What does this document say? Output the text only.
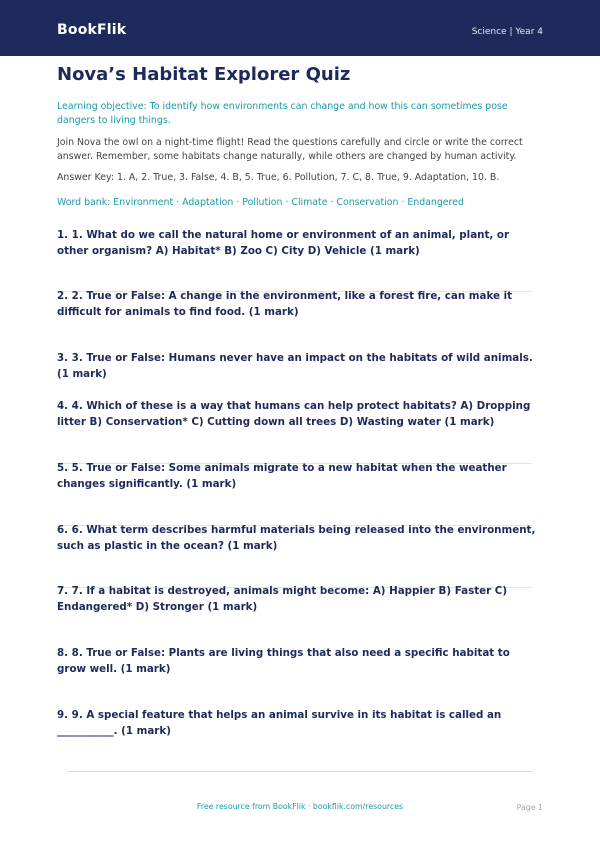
BookFlik	Science | Year 4
Nova’s Habitat Explorer Quiz
Learning objective: To identify how environments can change and how this can sometimes pose dangers to living things.
Join Nova the owl on a night-time flight! Read the questions carefully and circle or write the correct answer. Remember, some habitats change naturally, while others are changed by human activity.
Answer Key: 1. A, 2. True, 3. False, 4. B, 5. True, 6. Pollution, 7. C, 8. True, 9. Adaptation, 10. B.
Word bank: Environment · Adaptation · Pollution · Climate · Conservation · Endangered
1. 1. What do we call the natural home or environment of an animal, plant, or other organism? A) Habitat* B) Zoo C) City D) Vehicle (1 mark)
2. 2. True or False: A change in the environment, like a forest fire, can make it difficult for animals to find food. (1 mark)
3. 3. True or False: Humans never have an impact on the habitats of wild animals. (1 mark)
4. 4. Which of these is a way that humans can help protect habitats? A) Dropping litter B) Conservation* C) Cutting down all trees D) Wasting water (1 mark)
5. 5. True or False: Some animals migrate to a new habitat when the weather changes significantly. (1 mark)
6. 6. What term describes harmful materials being released into the environment, such as plastic in the ocean? (1 mark)
7. 7. If a habitat is destroyed, animals might become: A) Happier B) Faster C) Endangered* D) Stronger (1 mark)
8. 8. True or False: Plants are living things that also need a specific habitat to grow well. (1 mark)
9. 9. A special feature that helps an animal survive in its habitat is called an ___________. (1 mark)
Free resource from BookFlik · bookflik.com/resources	Page 1
